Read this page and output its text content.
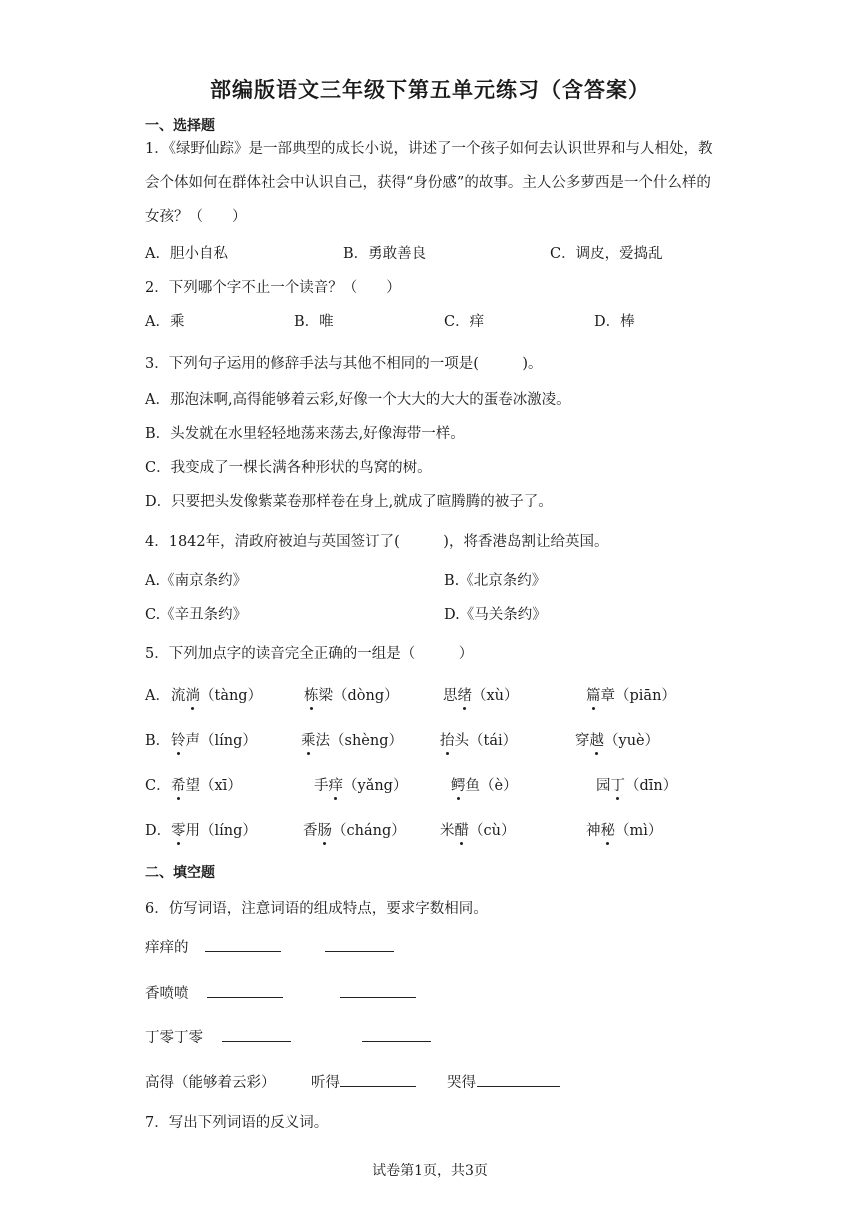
部编版语文三年级下第五单元练习（含答案）
一、选择题
1．《绿野仙踪》是一部典型的成长小说，讲述了一个孩子如何去认识世界和与人相处，教会个体如何在群体社会中认识自己，获得“身份感”的故事。主人公多萝西是一个什么样的女孩？（　　）
A．胆小自私	B．勇敢善良	C．调皮，爱捣乱
2．下列哪个字不止一个读音？（　　）
A．乘	B．唯	C．痒	D．棒
3．下列句子运用的修辞手法与其他不相同的一项是(　　　)。
A．那泡沫啊,高得能够着云彩,好像一个大大的大大的蛋卷冰激凌。
B．头发就在水里轻轻地荡来荡去,好像海带一样。
C．我变成了一棵长满各种形状的鸟窝的树。
D．只要把头发像紫菜卷那样卷在身上,就成了暄腾腾的被子了。
4．1842年，清政府被迫与英国签订了(　　　)，将香港岛割让给英国。
A.《南京条约》	B.《北京条约》
C.《辛丑条约》	D.《马关条约》
5．下列加点字的读音完全正确的一组是（　　　）
A． 流淌（tàng）	栋梁（dòng）	思绪（xù）	篇章（piān）
B． 铃声（líng）	乘法（shèng）	抬头（tái）	穿越（yuè）
C． 希望（xī）	手痒（yǎng）	鳄鱼（è）	园丁（dīn）
D． 零用（líng）	香肠（cháng） 米醋（cù）	神秘（mì）
二、填空题
6．仿写词语，注意词语的组成特点，要求字数相同。
痒痒的
香喷喷
丁零丁零
高得（能够着云彩） 听得	哭得
7．写出下列词语的反义词。
试卷第1页，共3页
